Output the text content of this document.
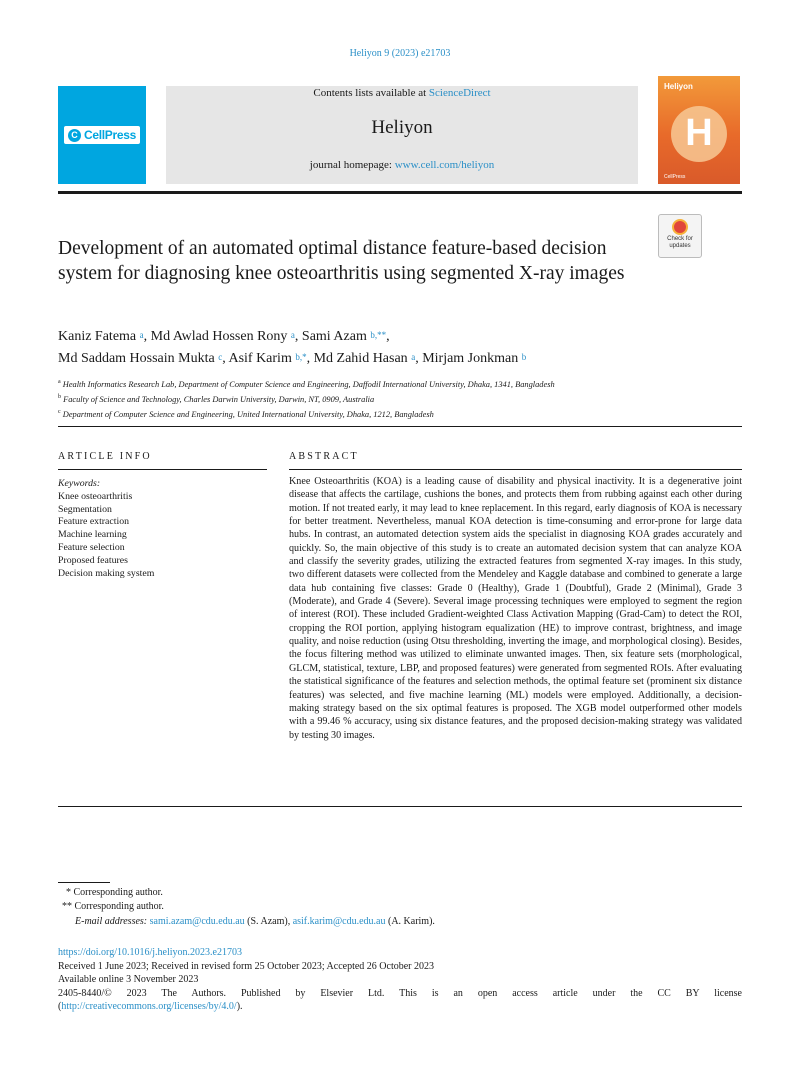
Heliyon 9 (2023) e21703
C CellPress
Contents lists available at ScienceDirect
Heliyon
journal homepage: www.cell.com/heliyon
Heliyon
H
CellPress
Check for
updates
Development of an automated optimal distance feature-based decision system for diagnosing knee osteoarthritis using segmented X-ray images
Kaniz Fatema $^a$, Md Awlad Hossen Rony $^a$, Sami Azam $^{b,**}$,
Md Saddam Hossain Mukta $^c$, Asif Karim $^{b,*}$, Md Zahid Hasan $^a$, Mirjam Jonkman $^b$
$^a$ Health Informatics Research Lab, Department of Computer Science and Engineering, Daffodil International University, Dhaka, 1341, Bangladesh
$^b$ Faculty of Science and Technology, Charles Darwin University, Darwin, NT, 0909, Australia
$^c$ Department of Computer Science and Engineering, United International University, Dhaka, 1212, Bangladesh
ARTICLE INFO	ABSTRACT
Keywords:
Knee osteoarthritis
Segmentation
Feature extraction
Machine learning
Feature selection
Proposed features
Decision making system
Knee Osteoarthritis (KOA) is a leading cause of disability and physical inactivity. It is a degenerative joint disease that affects the cartilage, cushions the bones, and protects them from rubbing against each other during motion. If not treated early, it may lead to knee replacement. In this regard, early diagnosis of KOA is necessary for better treatment. Nevertheless, manual KOA detection is time-consuming and error-prone for large data hubs. In contrast, an automated detection system aids the specialist in diagnosing KOA grades accurately and quickly. So, the main objective of this study is to create an automated decision system that can analyze KOA and classify the severity grades, utilizing the extracted features from segmented X-ray images. In this study, two different datasets were collected from the Mendeley and Kaggle database and combined to generate a large data hub containing five classes: Grade 0 (Healthy), Grade 1 (Doubtful), Grade 2 (Minimal), Grade 3 (Moderate), and Grade 4 (Severe). Several image processing techniques were employed to segment the region of interest (ROI). These included Gradient-weighted Class Activation Mapping (Grad-Cam) to detect the ROI, cropping the ROI portion, applying histogram equalization (HE) to improve contrast, brightness, and image quality, and noise reduction (using Otsu thresholding, inverting the image, and morphological closing). Besides, the focus filtering method was utilized to eliminate unwanted images. Then, six feature sets (morphological, GLCM, statistical, texture, LBP, and proposed features) were generated from segmented ROIs. After evaluating the statistical significance of the features and selection methods, the optimal feature set (prominent six distance features) was selected, and five machine learning (ML) models were employed. Additionally, a decision-making strategy based on the six optimal features is proposed. The XGB model outperformed other models with a 99.46 % accuracy, using six distance features, and the proposed decision-making strategy was validated by testing 30 images.
* Corresponding author.
** Corresponding author.
E-mail addresses: sami.azam@cdu.edu.au (S. Azam), asif.karim@cdu.edu.au (A. Karim).
https://doi.org/10.1016/j.heliyon.2023.e21703
Received 1 June 2023; Received in revised form 25 October 2023; Accepted 26 October 2023
Available online 3 November 2023
2405-8440/© 2023 The Authors. Published by Elsevier Ltd. This is an open access article under the CC BY license
(http://creativecommons.org/licenses/by/4.0/).
